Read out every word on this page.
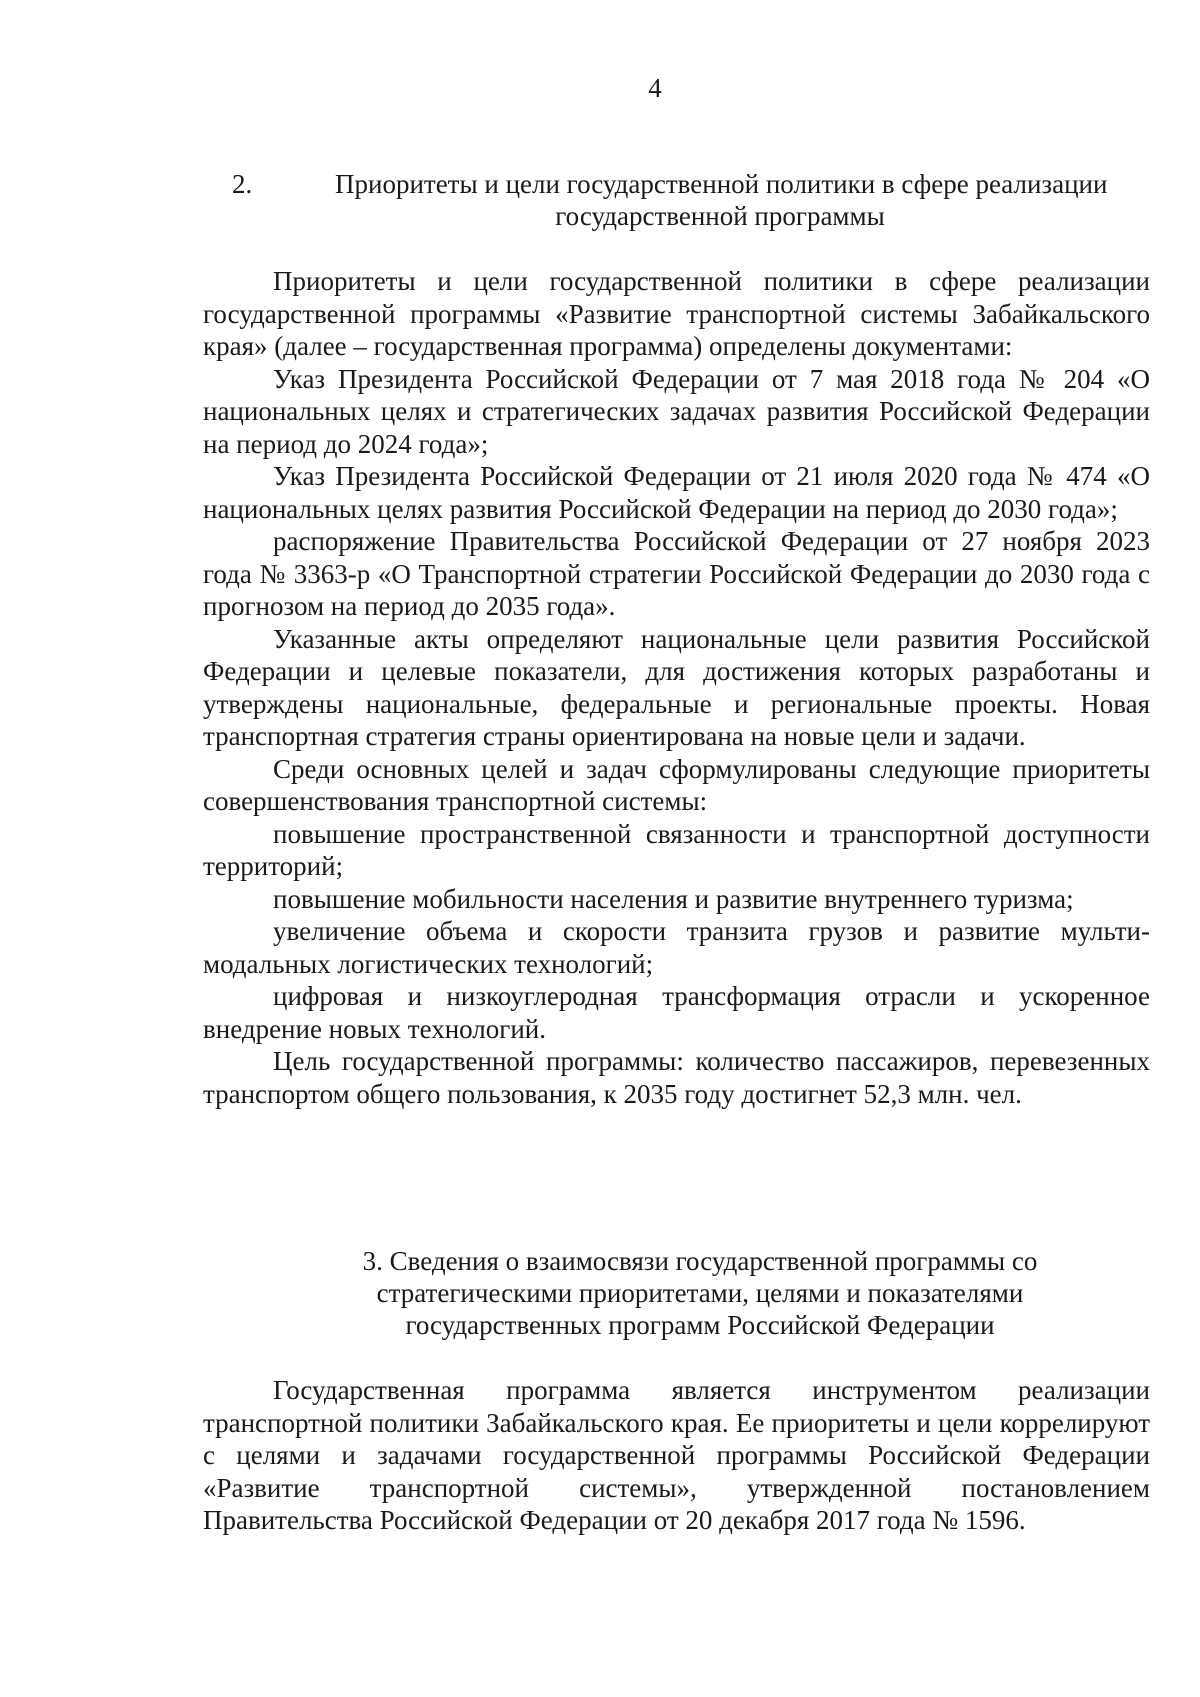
4
2.	Приоритеты и цели государственной политики в сфере реализации
государственной программы

Приоритеты и цели государственной политики в сфере реализации государственной программы «Развитие транспортной системы Забайкальского края» (далее – государственная программа) определены документами:

Указ Президента Российской Федерации от 7 мая 2018 года № 204 «О национальных целях и стратегических задачах развития Российской Федерации на период до 2024 года»;

Указ Президента Российской Федерации от 21 июля 2020 года № 474 «О национальных целях развития Российской Федерации на период до 2030 года»;

распоряжение Правительства Российской Федерации от 27 ноября 2023 года № 3363-р «О Транспортной стратегии Российской Федерации до 2030 года с прогнозом на период до 2035 года».

Указанные акты определяют национальные цели развития Российской Федерации и целевые показатели, для достижения которых разработаны и утверждены национальные, федеральные и региональные проекты. Новая транспортная стратегия страны ориентирована на новые цели и задачи.

Среди основных целей и задач сформулированы следующие приоритеты совершенствования транспортной системы:

повышение пространственной связанности и транспортной доступности территорий;

повышение мобильности населения и развитие внутреннего туризма;

увеличение объема и скорости транзита грузов и развитие мульти-модальных логистических технологий;

цифровая и низкоуглеродная трансформация отрасли и ускоренное внедрение новых технологий.

Цель государственной программы: количество пассажиров, перевезенных транспортом общего пользования, к 2035 году достигнет 52,3 млн. чел.

3. Сведения о взаимосвязи государственной программы со
стратегическими приоритетами, целями и показателями
государственных программ Российской Федерации

Государственная программа является инструментом реализации транспортной политики Забайкальского края. Ее приоритеты и цели коррелируют с целями и задачами государственной программы Российской Федерации «Развитие транспортной системы», утвержденной постановлением Правительства Российской Федерации от 20 декабря 2017 года № 1596.
